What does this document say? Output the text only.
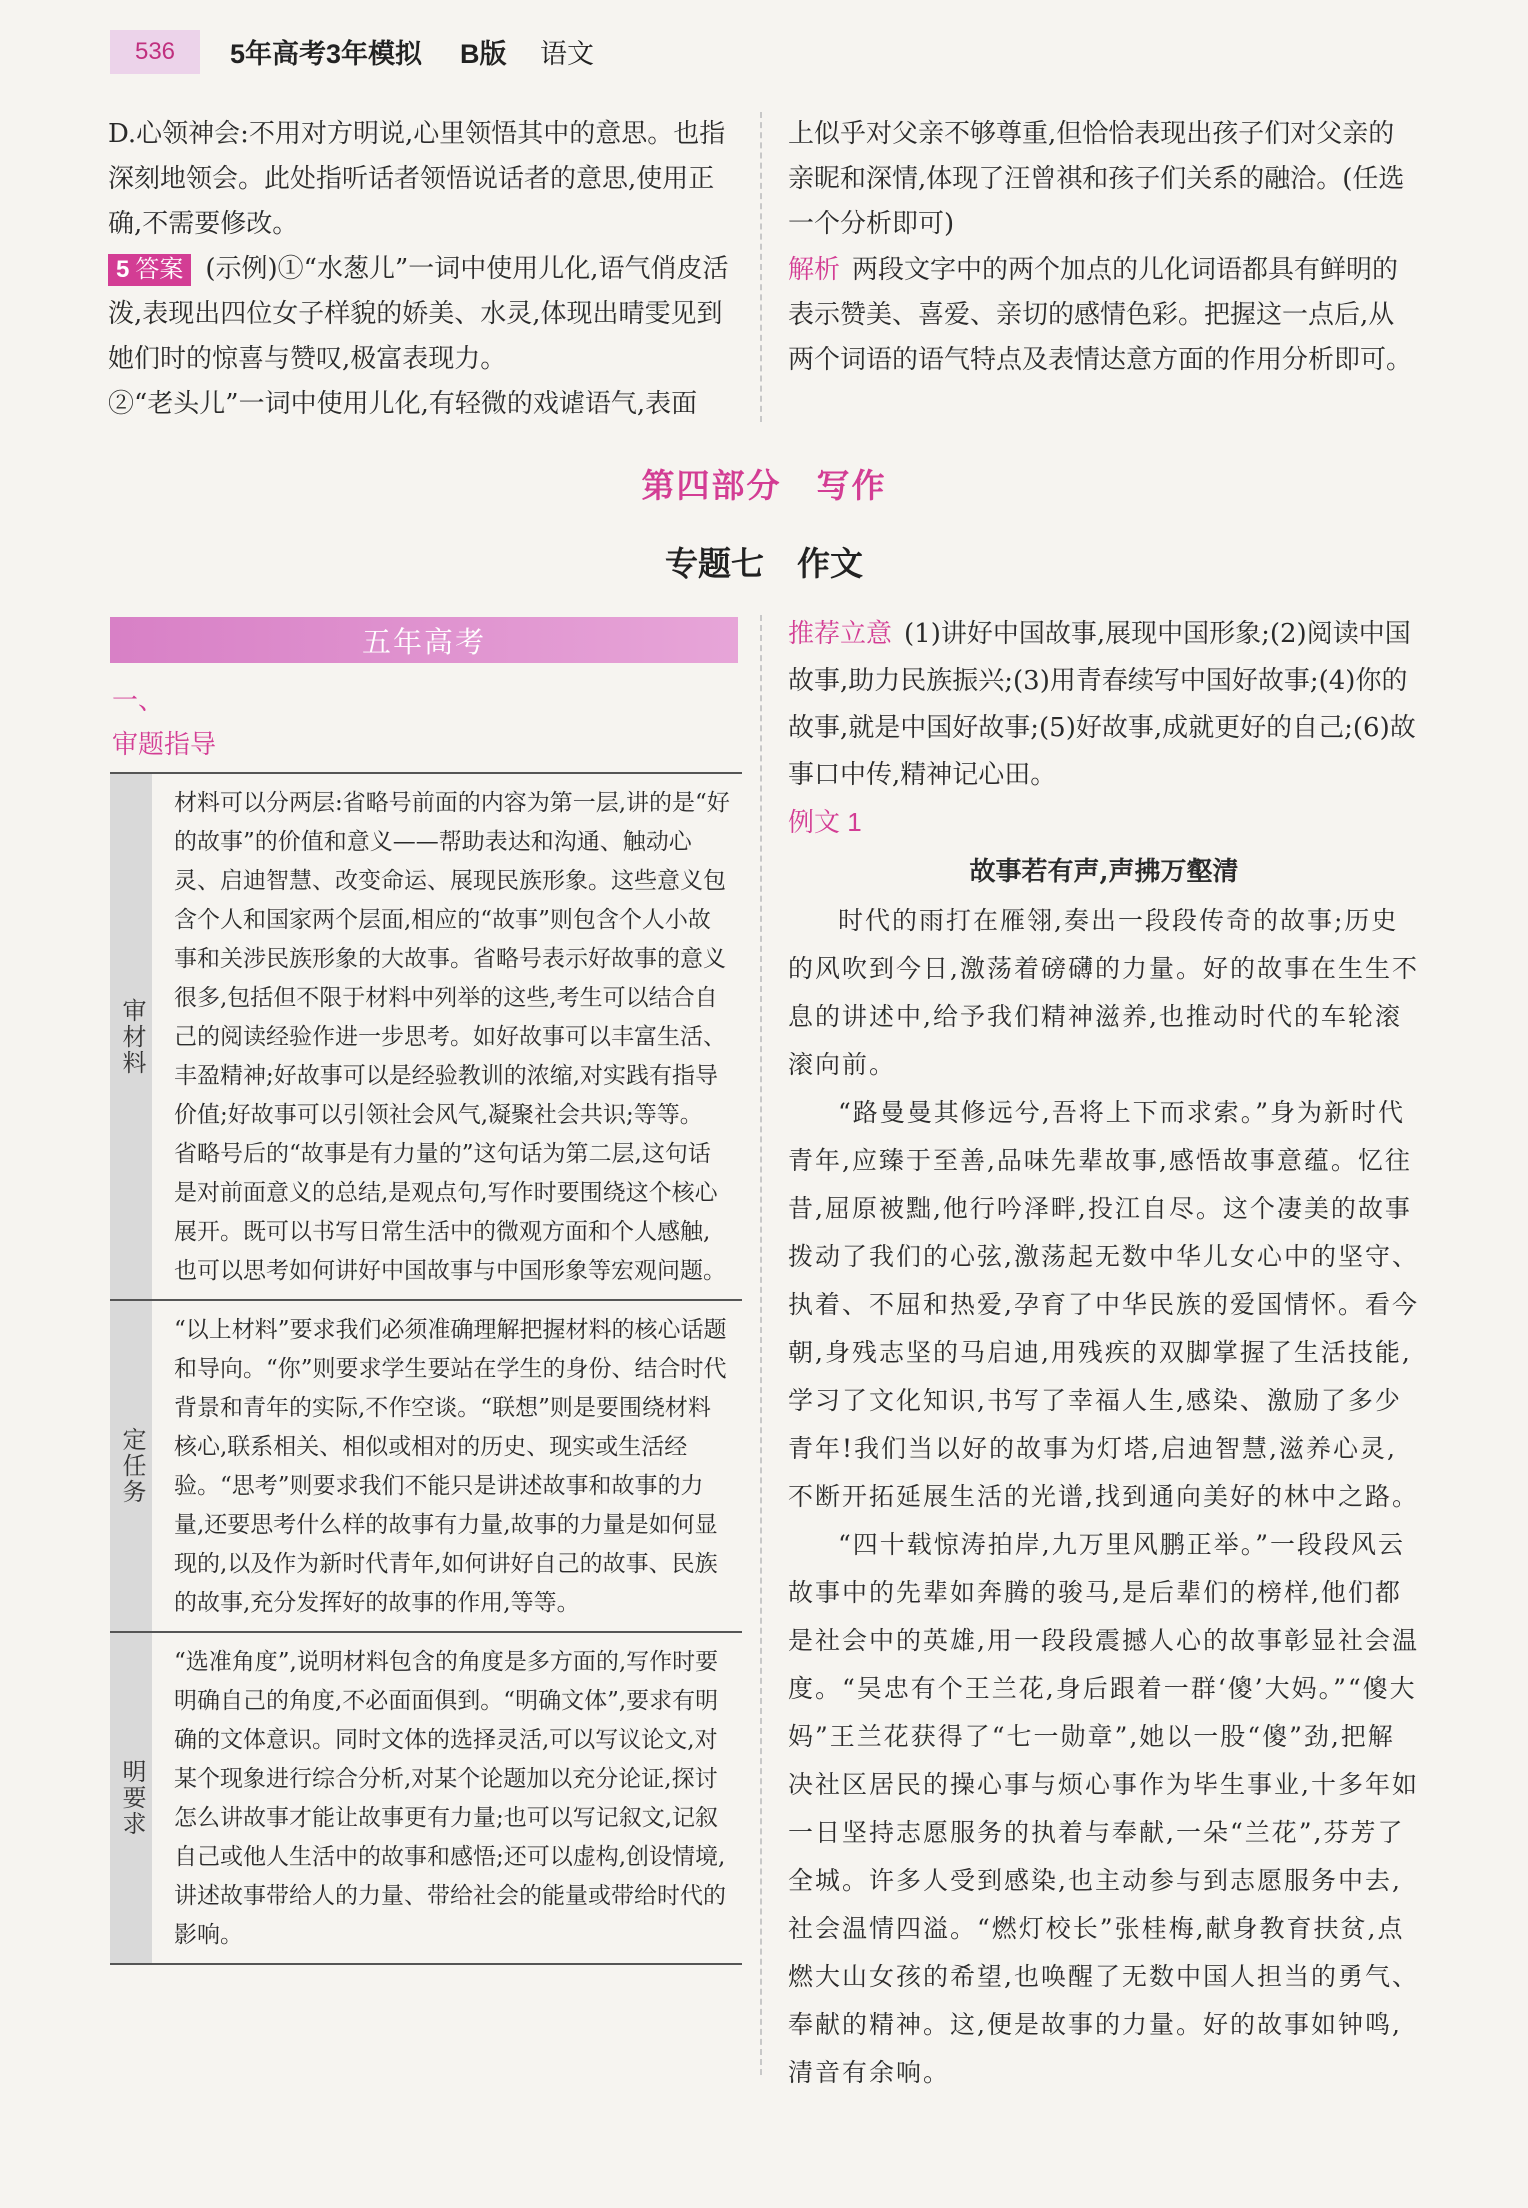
536	5年高考3年模拟 B版 语文

D.心领神会:不用对方明说,心里领悟其中的意思。也指深刻地领会。此处指听话者领悟说话者的意思,使用正确,不需要修改。

5 答案 (示例)①“水葱儿”一词中使用儿化,语气俏皮活泼,表现出四位女子样貌的娇美、水灵,体现出晴雯见到她们时的惊喜与赞叹,极富表现力。

②“老头儿”一词中使用儿化,有轻微的戏谑语气,表面

上似乎对父亲不够尊重,但恰恰表现出孩子们对父亲的亲昵和深情,体现了汪曾祺和孩子们关系的融洽。(任选一个分析即可)

解析 两段文字中的两个加点的儿化词语都具有鲜明的表示赞美、喜爱、亲切的感情色彩。把握这一点后,从两个词语的语气特点及表情达意方面的作用分析即可。

第四部分　写作
专题七　作文
五年高考
一、
审题指导
审材料

材料可以分两层:省略号前面的内容为第一层,讲的是“好的故事”的价值和意义——帮助表达和沟通、触动心灵、启迪智慧、改变命运、展现民族形象。这些意义包含个人和国家两个层面,相应的“故事”则包含个人小故事和关涉民族形象的大故事。省略号表示好故事的意义很多,包括但不限于材料中列举的这些,考生可以结合自己的阅读经验作进一步思考。如好故事可以丰富生活、丰盈精神;好故事可以是经验教训的浓缩,对实践有指导价值;好故事可以引领社会风气,凝聚社会共识;等等。

省略号后的“故事是有力量的”这句话为第二层,这句话是对前面意义的总结,是观点句,写作时要围绕这个核心展开。既可以书写日常生活中的微观方面和个人感触,也可以思考如何讲好中国故事与中国形象等宏观问题。

定任务

“以上材料”要求我们必须准确理解把握材料的核心话题和导向。“你”则要求学生要站在学生的身份、结合时代背景和青年的实际,不作空谈。“联想”则是要围绕材料核心,联系相关、相似或相对的历史、现实或生活经验。“思考”则要求我们不能只是讲述故事和故事的力量,还要思考什么样的故事有力量,故事的力量是如何显现的,以及作为新时代青年,如何讲好自己的故事、民族的故事,充分发挥好的故事的作用,等等。

明要求

“选准角度”,说明材料包含的角度是多方面的,写作时要明确自己的角度,不必面面俱到。“明确文体”,要求有明确的文体意识。同时文体的选择灵活,可以写议论文,对某个现象进行综合分析,对某个论题加以充分论证,探讨怎么讲故事才能让故事更有力量;也可以写记叙文,记叙自己或他人生活中的故事和感悟;还可以虚构,创设情境,讲述故事带给人的力量、带给社会的能量或带给时代的影响。

推荐立意 (1)讲好中国故事,展现中国形象;(2)阅读中国故事,助力民族振兴;(3)用青春续写中国好故事;(4)你的故事,就是中国好故事;(5)好故事,成就更好的自己;(6)故事口中传,精神记心田。

例文 1
故事若有声,声拂万壑清

时代的雨打在雁翎,奏出一段段传奇的故事;历史的风吹到今日,激荡着磅礴的力量。好的故事在生生不息的讲述中,给予我们精神滋养,也推动时代的车轮滚滚向前。

“路曼曼其修远兮,吾将上下而求索。”身为新时代青年,应臻于至善,品味先辈故事,感悟故事意蕴。忆往昔,屈原被黜,他行吟泽畔,投江自尽。这个凄美的故事拨动了我们的心弦,激荡起无数中华儿女心中的坚守、执着、不屈和热爱,孕育了中华民族的爱国情怀。看今朝,身残志坚的马启迪,用残疾的双脚掌握了生活技能,学习了文化知识,书写了幸福人生,感染、激励了多少青年!我们当以好的故事为灯塔,启迪智慧,滋养心灵,不断开拓延展生活的光谱,找到通向美好的林中之路。

“四十载惊涛拍岸,九万里风鹏正举。”一段段风云故事中的先辈如奔腾的骏马,是后辈们的榜样,他们都是社会中的英雄,用一段段震撼人心的故事彰显社会温度。“吴忠有个王兰花,身后跟着一群‘傻’大妈。”“傻大妈”王兰花获得了“七一勋章”,她以一股“傻”劲,把解决社区居民的操心事与烦心事作为毕生事业,十多年如一日坚持志愿服务的执着与奉献,一朵“兰花”,芬芳了全城。许多人受到感染,也主动参与到志愿服务中去,社会温情四溢。“燃灯校长”张桂梅,献身教育扶贫,点燃大山女孩的希望,也唤醒了无数中国人担当的勇气、奉献的精神。这,便是故事的力量。好的故事如钟鸣,清音有余响。
